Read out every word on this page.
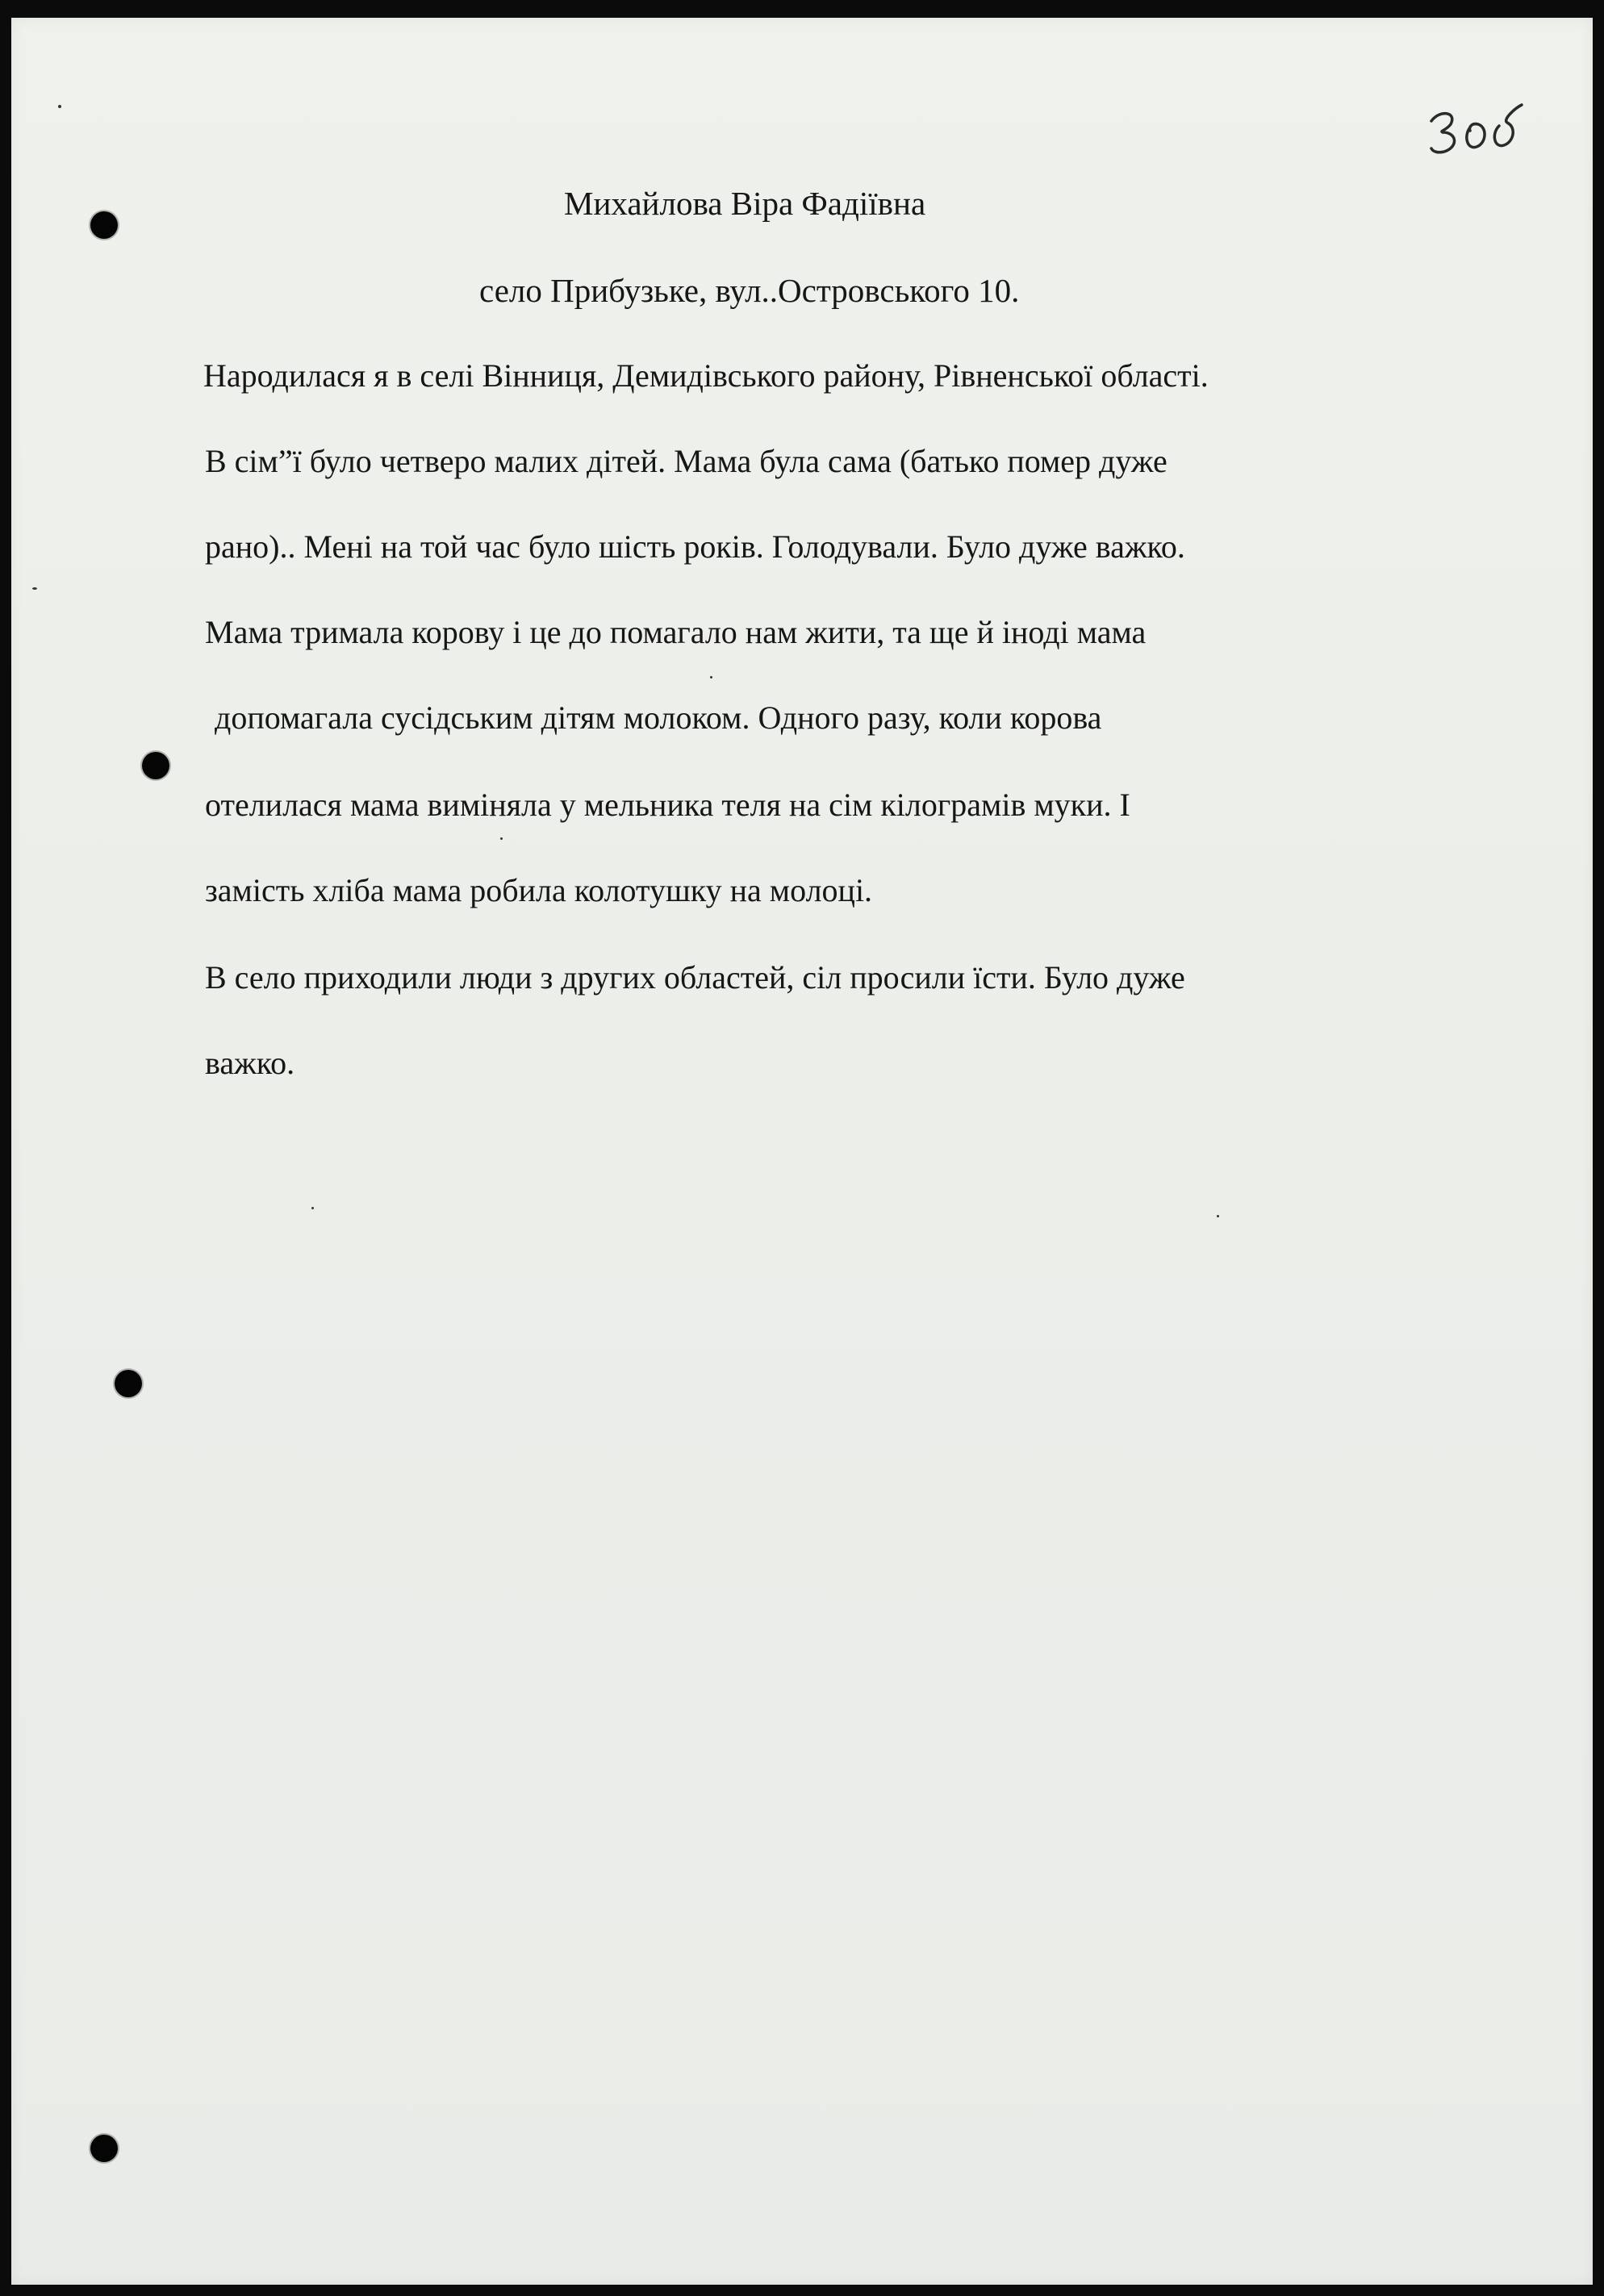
Михайлова Віра Фадіївна
село Прибузьке, вул..Островського 10.
Народилася я в селі Вінниця, Демидівського району, Рівненської області.
В сім”ї було четверо малих дітей. Мама була сама (батько помер дуже
рано).. Мені на той час було шість років. Голодували. Було дуже важко.
Мама тримала корову і це до помагало нам жити, та ще й іноді мама
допомагала сусідським дітям молоком. Одного разу, коли корова
отелилася мама виміняла у мельника теля на сім кілограмів муки. І
замість хліба мама робила колотушку на молоці.
В село приходили люди з других областей, сіл просили їсти. Було дуже
важко.
